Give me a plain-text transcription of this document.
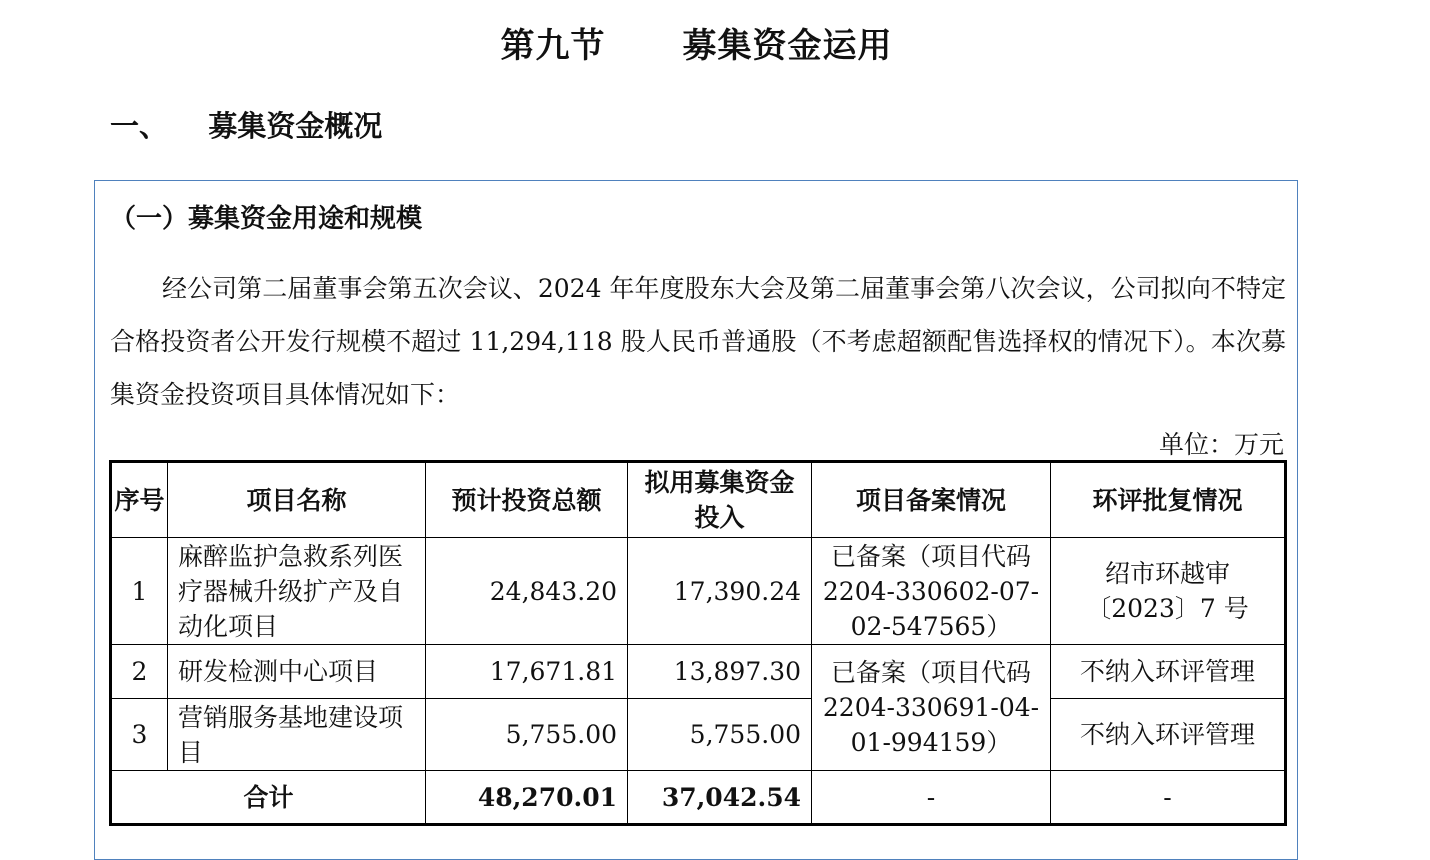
第九节      募集资金运用
一、    募集资金概况
（一）募集资金用途和规模
经公司第二届董事会第五次会议、2024 年年度股东大会及第二届董事会第八次会议，公司拟向不特定合格投资者公开发行规模不超过 11,294,118 股人民币普通股（不考虑超额配售选择权的情况下）。本次募集资金投资项目具体情况如下：
单位：万元
序号	项目名称	预计投资总额	拟用募集资金投入	项目备案情况	环评批复情况
1	麻醉监护急救系列医疗器械升级扩产及自动化项目	24,843.20	17,390.24	已备案（项目代码2204-330602-07-02-547565）	绍市环越审〔2023〕7 号
2	研发检测中心项目	17,671.81	13,897.30	已备案（项目代码2204-330691-04-01-994159）	不纳入环评管理
3	营销服务基地建设项目	5,755.00	5,755.00		不纳入环评管理
合计		48,270.01	37,042.54	-	-
